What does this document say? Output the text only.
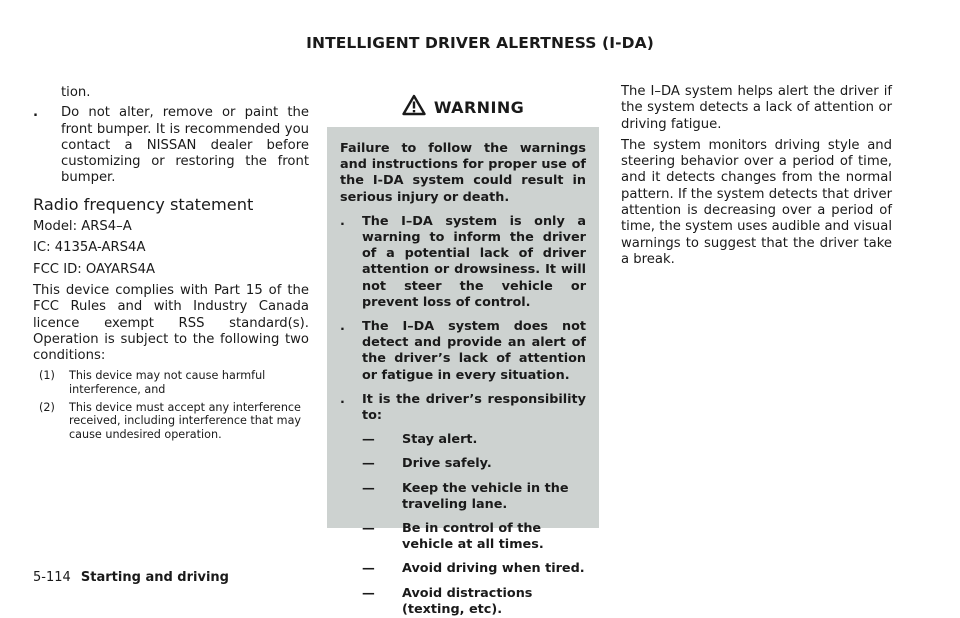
INTELLIGENT DRIVER ALERTNESS (I-DA)

tion.

. Do not alter, remove or paint the front bumper. It is recommended you contact a NISSAN dealer before customizing or restoring the front bumper.
Radio frequency statement

Model: ARS4–A

IC: 4135A-ARS4A

FCC ID: OAYARS4A

This device complies with Part 15 of the FCC Rules and with Industry Canada licence exempt RSS standard(s). Operation is subject to the following two conditions:

(1) This device may not cause harmful interference, and
(2) This device must accept any interference received, including interference that may cause undesired operation.
WARNING

Failure to follow the warnings and instructions for proper use of the I-DA system could result in serious injury or death.

. The I–DA system is only a warning to inform the driver of a potential lack of driver attention or drowsiness. It will not steer the vehicle or prevent loss of control.
. The I–DA system does not detect and provide an alert of the driver’s lack of attention or fatigue in every situation.
. It is the driver’s responsibility to:
— Stay alert.
— Drive safely.
— Keep the vehicle in the traveling lane.
— Be in control of the vehicle at all times.
— Avoid driving when tired.
— Avoid distractions (texting, etc).

The I–DA system helps alert the driver if the system detects a lack of attention or driving fatigue.

The system monitors driving style and steering behavior over a period of time, and it detects changes from the normal pattern. If the system detects that driver attention is decreasing over a period of time, the system uses audible and visual warnings to suggest that the driver take a break.

5-114 Starting and driving
